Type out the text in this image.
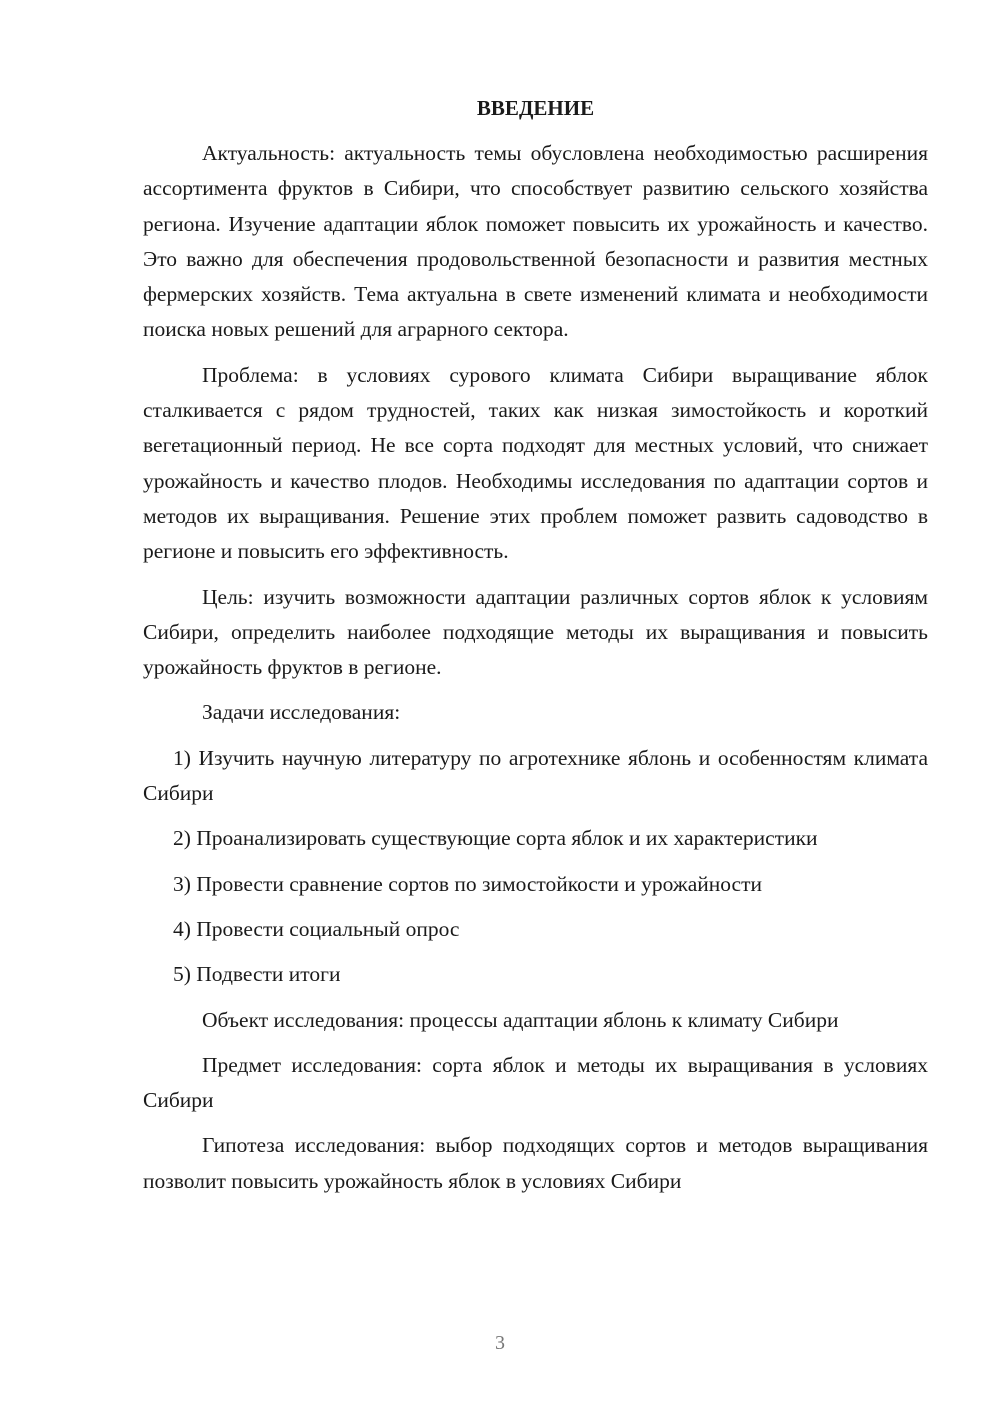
ВВЕДЕНИЕ

Актуальность: актуальность темы обусловлена необходимостью расширения ассортимента фруктов в Сибири, что способствует развитию сельского хозяйства региона. Изучение адаптации яблок поможет повысить их урожайность и качество. Это важно для обеспечения продовольственной безопасности и развития местных фермерских хозяйств. Тема актуальна в свете изменений климата и необходимости поиска новых решений для аграрного сектора.

Проблема: в условиях сурового климата Сибири выращивание яблок сталкивается с рядом трудностей, таких как низкая зимостойкость и короткий вегетационный период. Не все сорта подходят для местных условий, что снижает урожайность и качество плодов. Необходимы исследования по адаптации сортов и методов их выращивания. Решение этих проблем поможет развить садоводство в регионе и повысить его эффективность.

Цель: изучить возможности адаптации различных сортов яблок к условиям Сибири, определить наиболее подходящие методы их выращивания и повысить урожайность фруктов в регионе.

Задачи исследования:

1) Изучить научную литературу по агротехнике яблонь и особенностям климата Сибири

2) Проанализировать существующие сорта яблок и их характеристики

3) Провести сравнение сортов по зимостойкости и урожайности

4) Провести социальный опрос

5) Подвести итоги

Объект исследования: процессы адаптации яблонь к климату Сибири

Предмет исследования: сорта яблок и методы их выращивания в условиях Сибири

Гипотеза исследования: выбор подходящих сортов и методов выращивания позволит повысить урожайность яблок в условиях Сибири

3
